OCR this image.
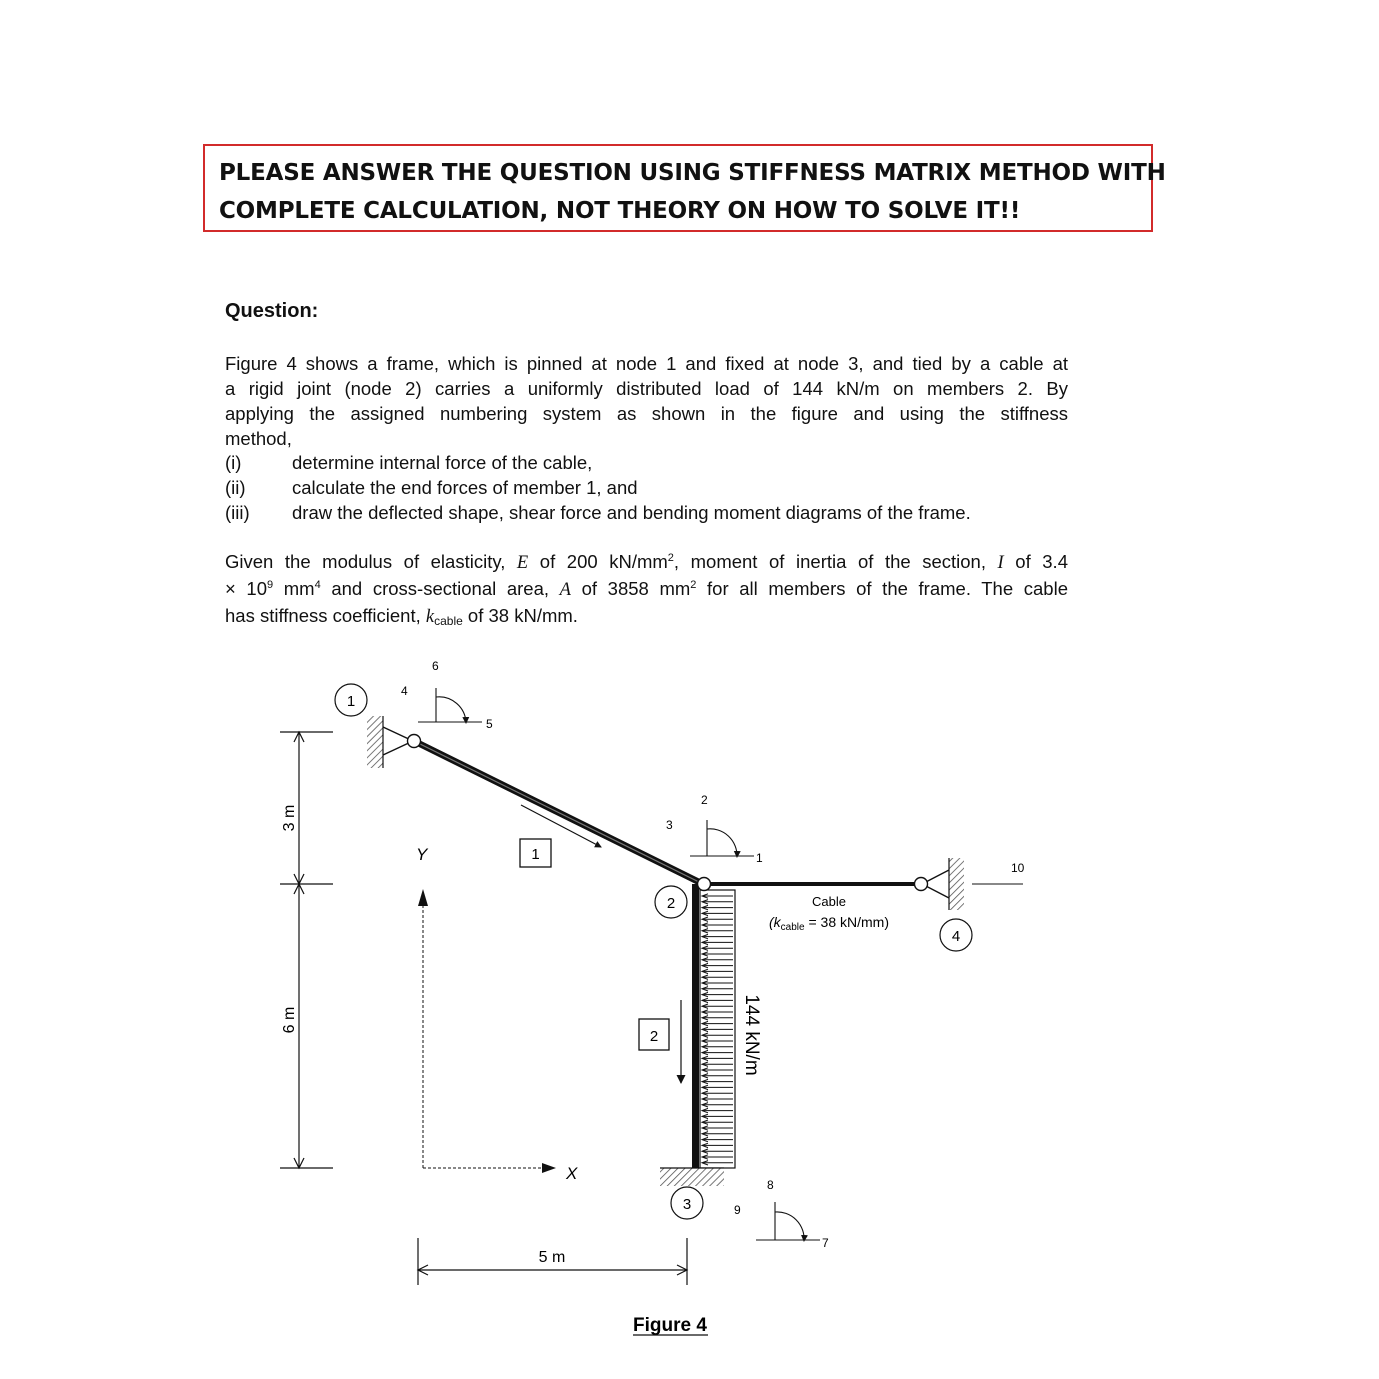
PLEASE ANSWER THE QUESTION USING STIFFNESS MATRIX METHOD WITH
COMPLETE CALCULATION, NOT THEORY ON HOW TO SOLVE IT!!
Question:
Figure 4 shows a frame, which is pinned at node 1 and fixed at node 3, and tied by a cable at
a rigid joint (node 2) carries a uniformly distributed load of 144 kN/m on members 2. By
applying the assigned numbering system as shown in the figure and using the stiffness
method,
(i)	determine internal force of the cable,
(ii)	calculate the end forces of member 1, and
(iii)	draw the deflected shape, shear force and bending moment diagrams of the frame.
Given the modulus of elasticity, E of 200 $kN/mm^2$, moment of inertia of the section, I of 3.4
× $10^9$ $mm^4$ and cross-sectional area, A of 3858 $mm^2$ for all members of the frame. The cable
has stiffness coefficient, $k_{cable}$ of 38 kN/mm.
3 m
6 m
5 m
X
Y	1
2	144 kN/m
Cable
($k_{cable} = 38$ kN/mm)
1
2
3
4
4
5
6
1
2
3
7
8
9
10
Figure 4
